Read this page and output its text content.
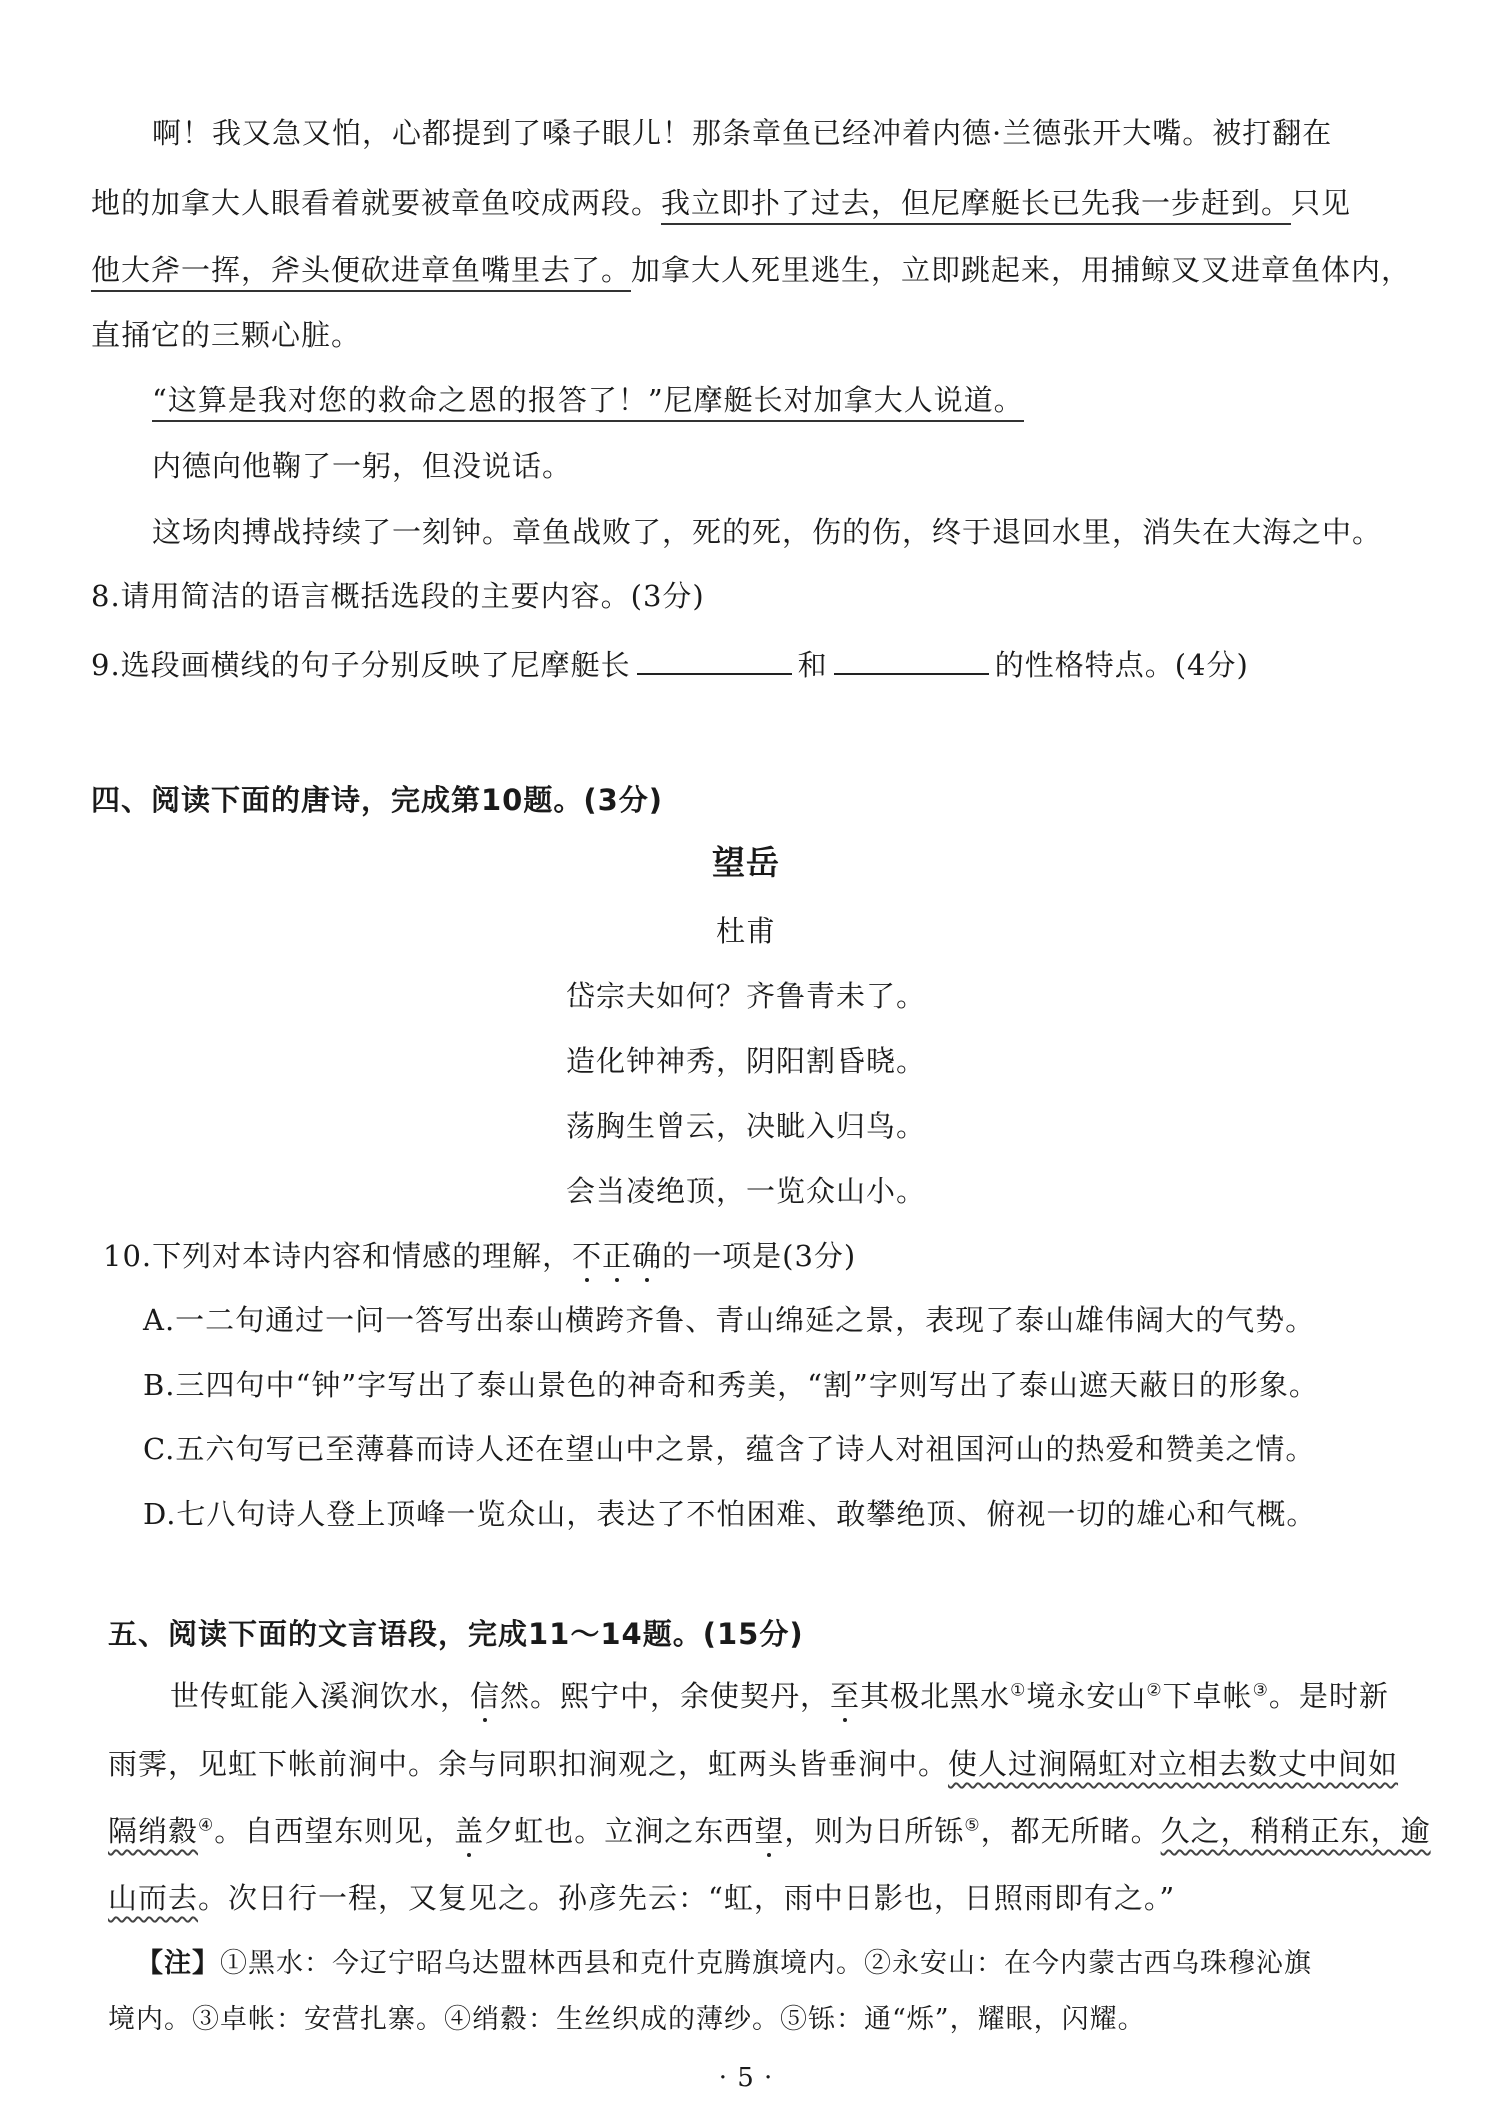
啊！我又急又怕，心都提到了嗓子眼儿！那条章鱼已经冲着内德·兰德张开大嘴。被打翻在
地的加拿大人眼看着就要被章鱼咬成两段。我立即扑了过去，但尼摩艇长已先我一步赶到。只见
他大斧一挥，斧头便砍进章鱼嘴里去了。加拿大人死里逃生，立即跳起来，用捕鲸叉叉进章鱼体内，
直捅它的三颗心脏。
“这算是我对您的救命之恩的报答了！”尼摩艇长对加拿大人说道。
内德向他鞠了一躬，但没说话。
这场肉搏战持续了一刻钟。章鱼战败了，死的死，伤的伤，终于退回水里，消失在大海之中。
8.请用简洁的语言概括选段的主要内容。(3分)
9.选段画横线的句子分别反映了尼摩艇长	和	的性格特点。(4分)
四、阅读下面的唐诗，完成第10题。(3分)
望岳
杜甫
岱宗夫如何？齐鲁青未了。
造化钟神秀，阴阳割昏晓。
荡胸生曾云，决眦入归鸟。
会当凌绝顶，一览众山小。
10.下列对本诗内容和情感的理解，不正确的一项是(3分)
A.一二句通过一问一答写出泰山横跨齐鲁、青山绵延之景，表现了泰山雄伟阔大的气势。
B.三四句中“钟”字写出了泰山景色的神奇和秀美，“割”字则写出了泰山遮天蔽日的形象。
C.五六句写已至薄暮而诗人还在望山中之景，蕴含了诗人对祖国河山的热爱和赞美之情。
D.七八句诗人登上顶峰一览众山，表达了不怕困难、敢攀绝顶、俯视一切的雄心和气概。
五、阅读下面的文言语段，完成11～14题。(15分)
世传虹能入溪涧饮水，信然。熙宁中，余使契丹，至其极北黑水①境永安山②下卓帐③。是时新
雨霁，见虹下帐前涧中。余与同职扣涧观之，虹两头皆垂涧中。使人过涧隔虹对立相去数丈中间如
隔绡縠④。自西望东则见，盖夕虹也。立涧之东西望，则为日所铄⑤，都无所睹。久之，稍稍正东，逾
山而去。次日行一程，又复见之。孙彦先云：“虹，雨中日影也，日照雨即有之。”
【注】①黑水：今辽宁昭乌达盟林西县和克什克腾旗境内。②永安山：在今内蒙古西乌珠穆沁旗
境内。③卓帐：安营扎寨。④绡縠：生丝织成的薄纱。⑤铄：通“烁”，耀眼，闪耀。
· 5 ·
